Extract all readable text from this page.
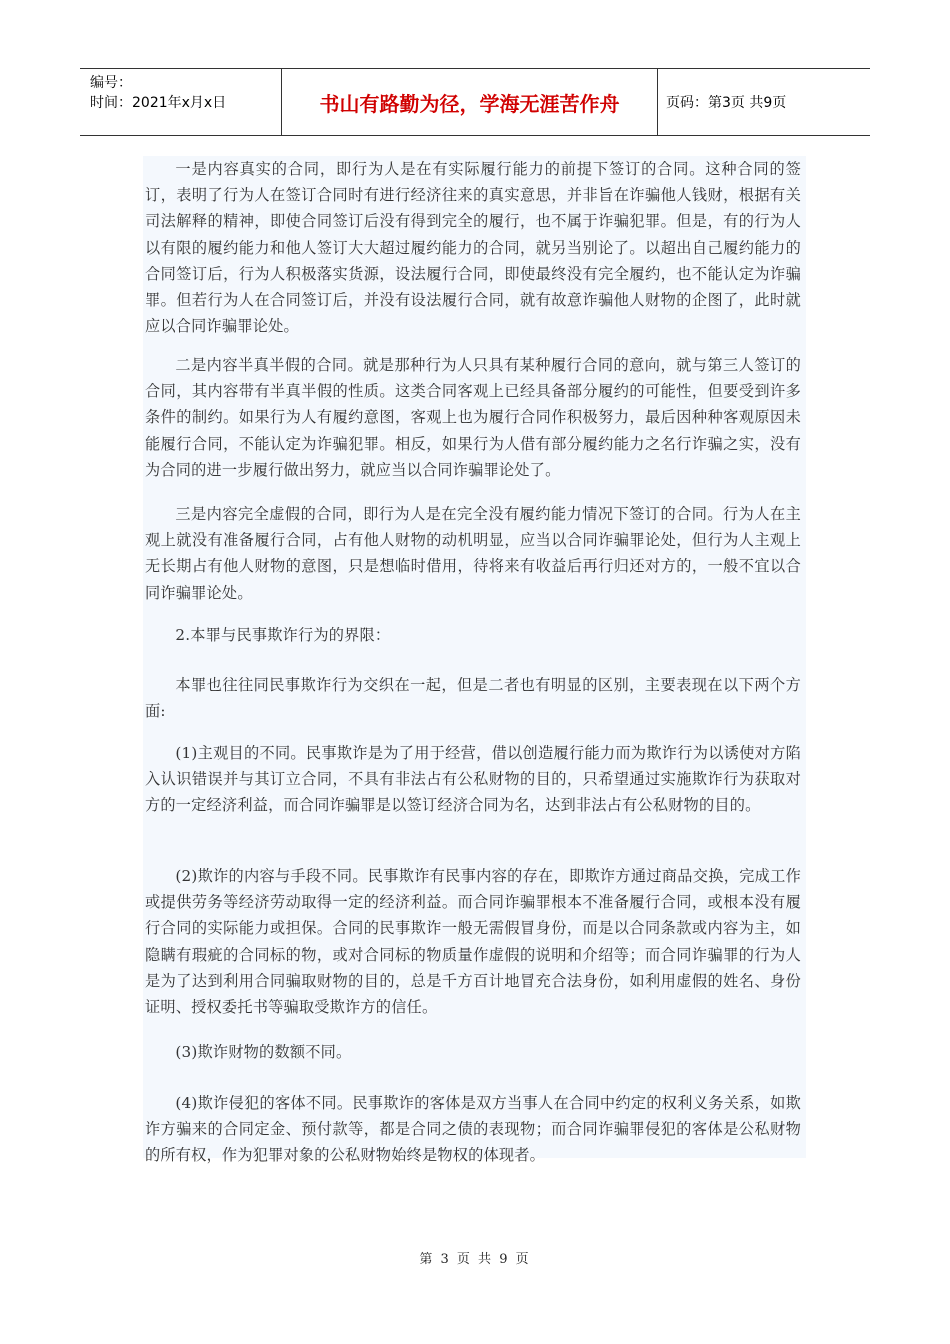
编号：
时间：2021年x月x日	书山有路勤为径，学海无涯苦作舟	页码：第3页 共9页

一是内容真实的合同，即行为人是在有实际履行能力的前提下签订的合同。这种合同的签订，表明了行为人在签订合同时有进行经济往来的真实意思，并非旨在诈骗他人钱财，根据有关司法解释的精神，即使合同签订后没有得到完全的履行，也不属于诈骗犯罪。但是，有的行为人以有限的履约能力和他人签订大大超过履约能力的合同，就另当别论了。以超出自己履约能力的合同签订后，行为人积极落实货源，设法履行合同，即使最终没有完全履约，也不能认定为诈骗罪。但若行为人在合同签订后，并没有设法履行合同，就有故意诈骗他人财物的企图了，此时就应以合同诈骗罪论处。

二是内容半真半假的合同。就是那种行为人只具有某种履行合同的意向，就与第三人签订的合同，其内容带有半真半假的性质。这类合同客观上已经具备部分履约的可能性，但要受到许多条件的制约。如果行为人有履约意图，客观上也为履行合同作积极努力，最后因种种客观原因未能履行合同，不能认定为诈骗犯罪。相反，如果行为人借有部分履约能力之名行诈骗之实，没有为合同的进一步履行做出努力，就应当以合同诈骗罪论处了。

三是内容完全虚假的合同，即行为人是在完全没有履约能力情况下签订的合同。行为人在主观上就没有准备履行合同，占有他人财物的动机明显，应当以合同诈骗罪论处，但行为人主观上无长期占有他人财物的意图，只是想临时借用，待将来有收益后再行归还对方的，一般不宜以合同诈骗罪论处。

2.本罪与民事欺诈行为的界限：

本罪也往往同民事欺诈行为交织在一起，但是二者也有明显的区别，主要表现在以下两个方面:

(1)主观目的不同。民事欺诈是为了用于经营，借以创造履行能力而为欺诈行为以诱使对方陷入认识错误并与其订立合同，不具有非法占有公私财物的目的，只希望通过实施欺诈行为获取对方的一定经济利益，而合同诈骗罪是以签订经济合同为名，达到非法占有公私财物的目的。

(2)欺诈的内容与手段不同。民事欺诈有民事内容的存在，即欺诈方通过商品交换，完成工作或提供劳务等经济劳动取得一定的经济利益。而合同诈骗罪根本不准备履行合同，或根本没有履行合同的实际能力或担保。合同的民事欺诈一般无需假冒身份，而是以合同条款或内容为主，如隐瞒有瑕疵的合同标的物，或对合同标的物质量作虚假的说明和介绍等；而合同诈骗罪的行为人是为了达到利用合同骗取财物的目的，总是千方百计地冒充合法身份，如利用虚假的姓名、身份证明、授权委托书等骗取受欺诈方的信任。

(3)欺诈财物的数额不同。

(4)欺诈侵犯的客体不同。民事欺诈的客体是双方当事人在合同中约定的权利义务关系，如欺诈方骗来的合同定金、预付款等，都是合同之债的表现物；而合同诈骗罪侵犯的客体是公私财物的所有权，作为犯罪对象的公私财物始终是物权的体现者。

第 3 页 共 9 页
